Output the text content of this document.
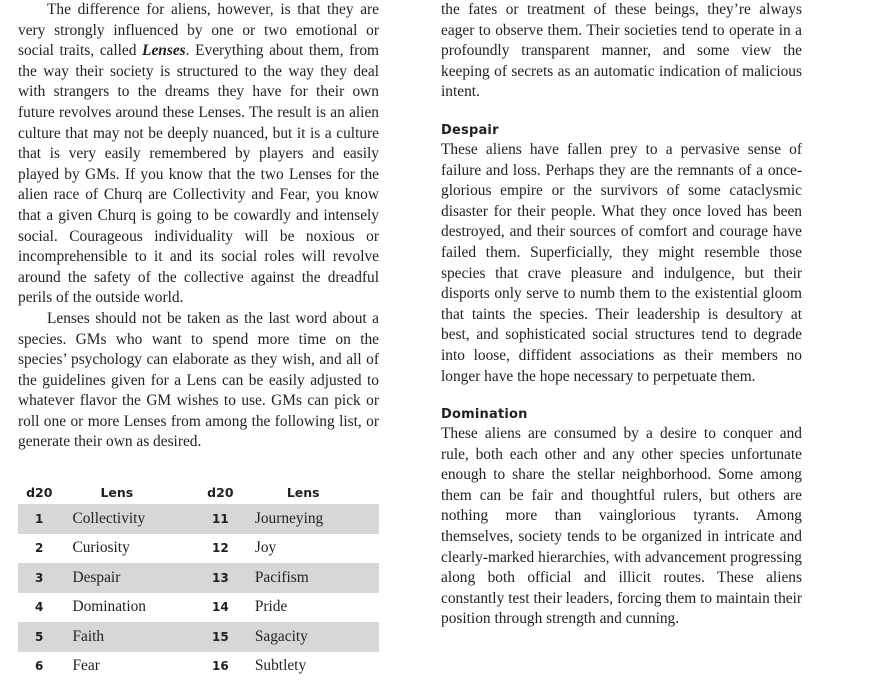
The difference for aliens, however, is that they are very strongly influenced by one or two emotional or social traits, called Lenses. Everything about them, from the way their society is structured to the way they deal with strangers to the dreams they have for their own future revolves around these Lenses. The result is an alien culture that may not be deeply nuanced, but it is a culture that is very easily remembered by players and easily played by GMs. If you know that the two Lenses for the alien race of Churq are Collectivity and Fear, you know that a given Churq is going to be cowardly and intensely social. Courageous individuality will be noxious or incomprehensible to it and its social roles will revolve around the safety of the collective against the dreadful perils of the outside world.

Lenses should not be taken as the last word about a species. GMs who want to spend more time on the species’ psychology can elaborate as they wish, and all of the guidelines given for a Lens can be easily adjusted to whatever flavor the GM wishes to use. GMs can pick or roll one or more Lenses from among the following list, or generate their own as desired.

d20	Lens	d20	Lens
1	Collectivity	11	Journeying
2	Curiosity	12	Joy
3	Despair	13	Pacifism
4	Domination	14	Pride
5	Faith	15	Sagacity
6	Fear	16	Subtlety

the fates or treatment of these beings, they’re always eager to observe them. Their societies tend to operate in a profoundly transparent manner, and some view the keeping of secrets as an automatic indication of malicious intent.

Despair

These aliens have fallen prey to a pervasive sense of failure and loss. Perhaps they are the remnants of a once-glorious empire or the survivors of some cataclysmic disaster for their people. What they once loved has been destroyed, and their sources of comfort and courage have failed them. Superficially, they might resemble those species that crave pleasure and indulgence, but their disports only serve to numb them to the existential gloom that taints the species. Their leadership is desultory at best, and sophisticated social structures tend to degrade into loose, diffident associations as their members no longer have the hope necessary to perpetuate them.

Domination

These aliens are consumed by a desire to conquer and rule, both each other and any other species unfortunate enough to share the stellar neighborhood. Some among them can be fair and thoughtful rulers, but others are nothing more than vainglorious tyrants. Among themselves, society tends to be organized in intricate and clearly-marked hierarchies, with advancement progressing along both official and illicit routes. These aliens constantly test their leaders, forcing them to maintain their position through strength and cunning.
